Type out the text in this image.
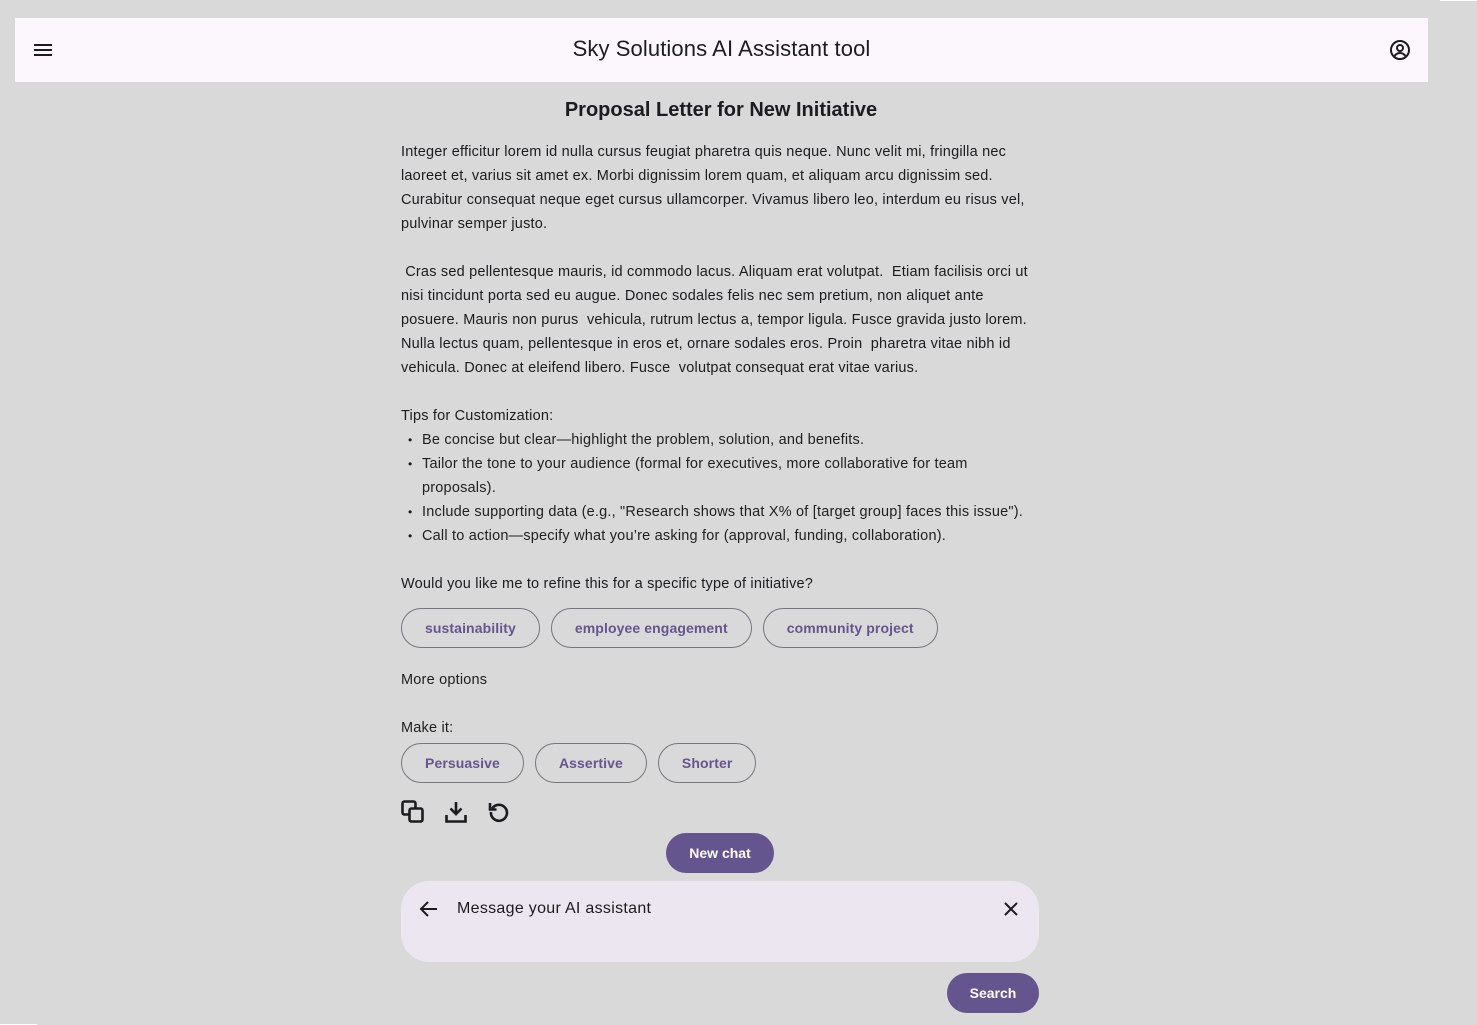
Sky Solutions AI Assistant tool
Proposal Letter for New Initiative

Integer efficitur lorem id nulla cursus feugiat pharetra quis neque. Nunc velit mi, fringilla nec laoreet et, varius sit amet ex. Morbi dignissim lorem quam, et aliquam arcu dignissim sed. Curabitur consequat neque eget cursus ullamcorper. Vivamus libero leo, interdum eu risus vel, pulvinar semper justo.

Cras sed pellentesque mauris, id commodo lacus. Aliquam erat volutpat.  Etiam facilisis orci ut nisi tincidunt porta sed eu augue. Donec sodales felis nec sem pretium, non aliquet ante posuere. Mauris non purus  vehicula, rutrum lectus a, tempor ligula. Fusce gravida justo lorem. Nulla lectus quam, pellentesque in eros et, ornare sodales eros. Proin  pharetra vitae nibh id vehicula. Donec at eleifend libero. Fusce  volutpat consequat erat vitae varius.

Tips for Customization:

• Be concise but clear—highlight the problem, solution, and benefits.
• Tailor the tone to your audience (formal for executives, more collaborative for team proposals).
• Include supporting data (e.g., "Research shows that X% of [target group] faces this issue").
• Call to action—specify what you’re asking for (approval, funding, collaboration).

Would you like me to refine this for a specific type of initiative?

sustainability	employee engagement	community project

More options

Make it:

Persuasive	Assertive	Shorter
New chat
Message your AI assistant
Search
